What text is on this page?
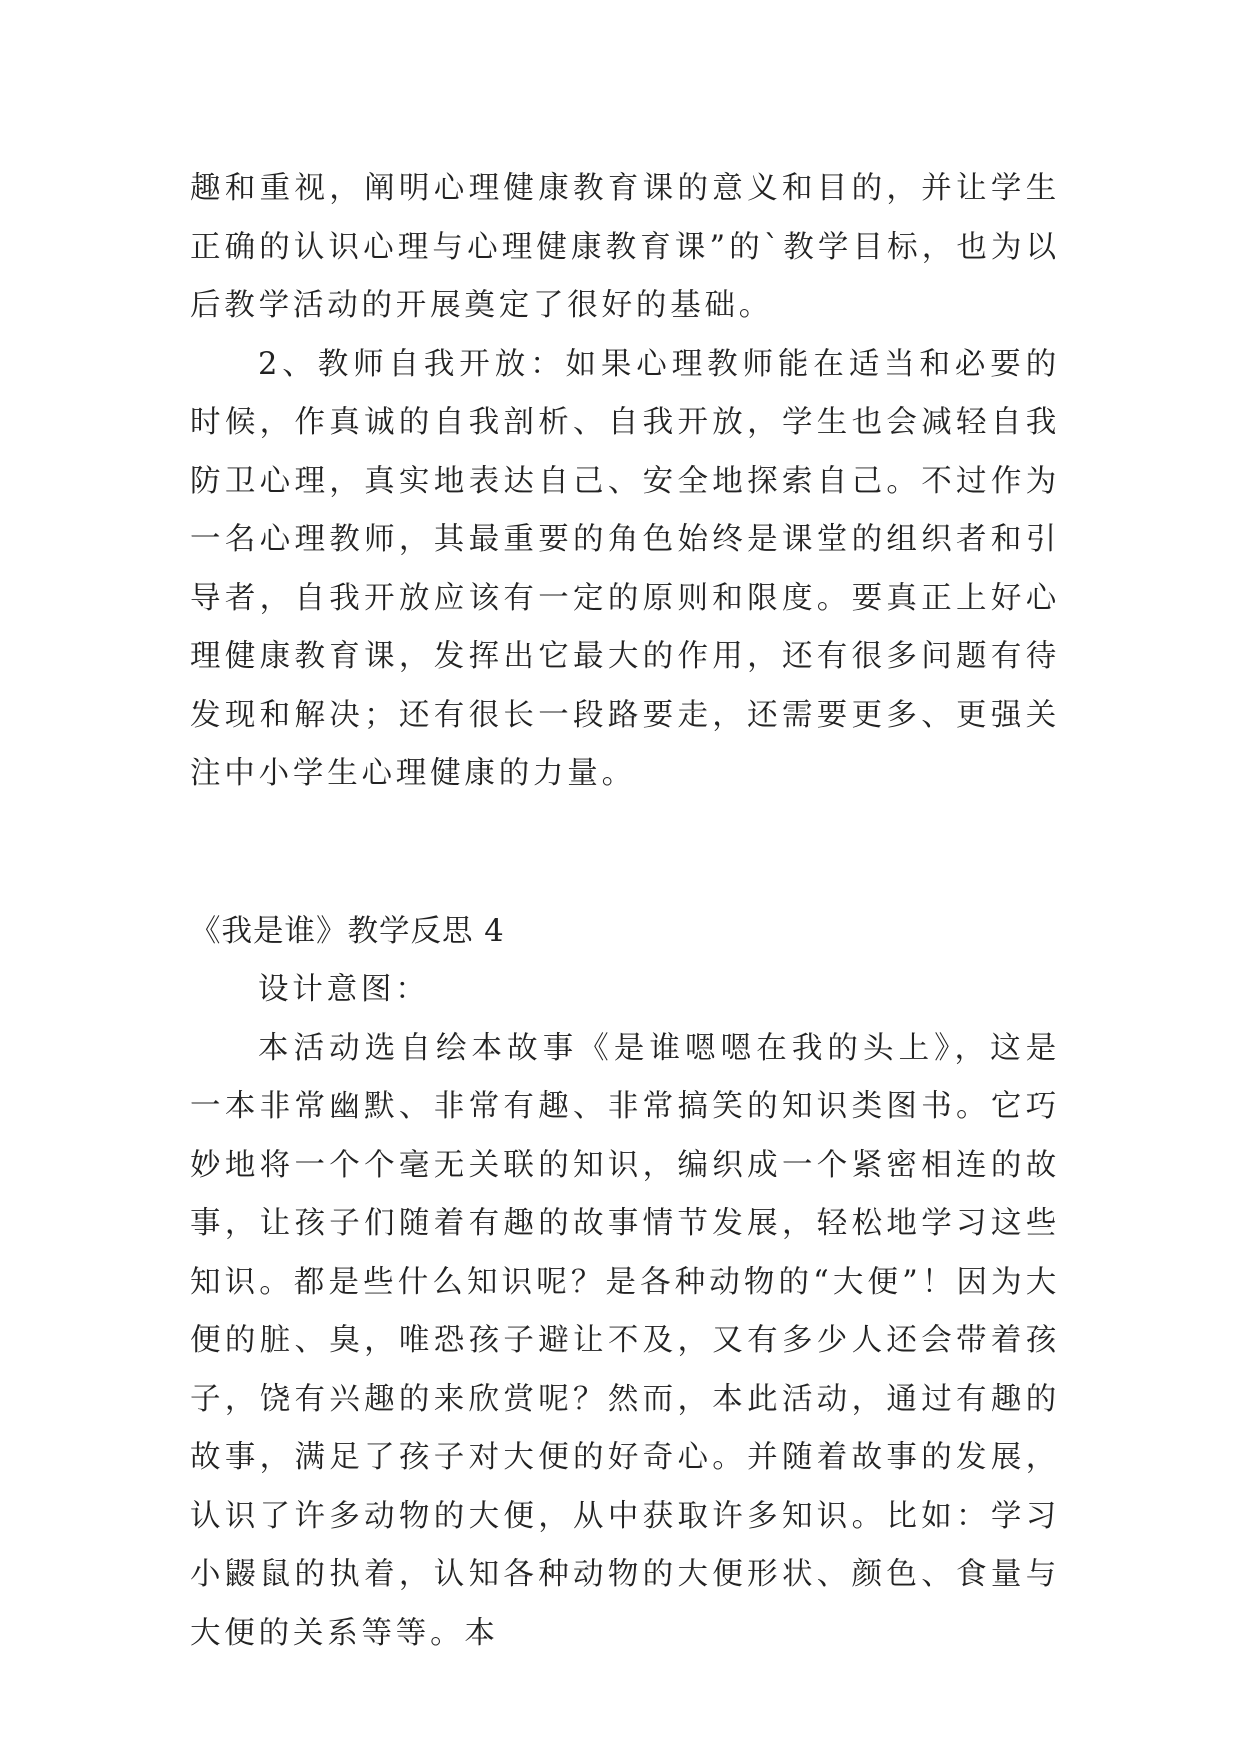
趣和重视，阐明心理健康教育课的意义和目的，并让学生正确的认识心理与心理健康教育课”的`教学目标，也为以后教学活动的开展奠定了很好的基础。

2、教师自我开放：如果心理教师能在适当和必要的时候，作真诚的自我剖析、自我开放，学生也会减轻自我防卫心理，真实地表达自己、安全地探索自己。不过作为一名心理教师，其最重要的角色始终是课堂的组织者和引导者，自我开放应该有一定的原则和限度。要真正上好心理健康教育课，发挥出它最大的作用，还有很多问题有待发现和解决；还有很长一段路要走，还需要更多、更强关注中小学生心理健康的力量。

《我是谁》教学反思 4

设计意图：

本活动选自绘本故事《是谁嗯嗯在我的头上》，这是一本非常幽默、非常有趣、非常搞笑的知识类图书。它巧妙地将一个个毫无关联的知识，编织成一个紧密相连的故事，让孩子们随着有趣的故事情节发展，轻松地学习这些知识。都是些什么知识呢？是各种动物的“大便”！因为大便的脏、臭，唯恐孩子避让不及，又有多少人还会带着孩子，饶有兴趣的来欣赏呢？然而，本此活动，通过有趣的故事，满足了孩子对大便的好奇心。并随着故事的发展，认识了许多动物的大便，从中获取许多知识。比如：学习小鼹鼠的执着，认知各种动物的大便形状、颜色、食量与大便的关系等等。本
